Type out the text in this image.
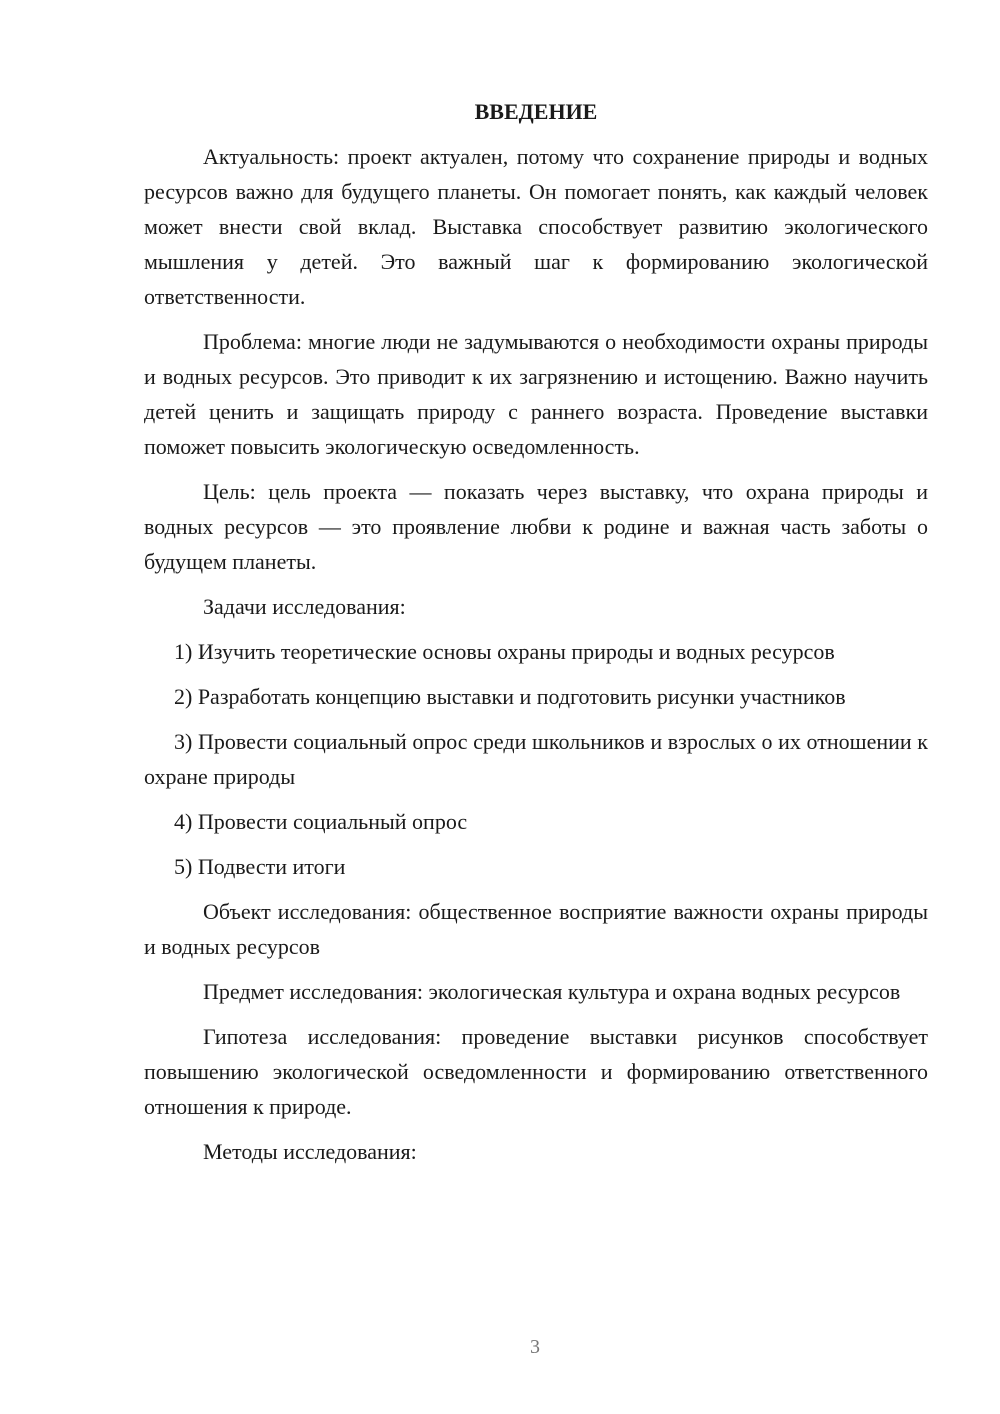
ВВЕДЕНИЕ

Актуальность: проект актуален, потому что сохранение природы и водных ресурсов важно для будущего планеты. Он помогает понять, как каждый человек может внести свой вклад. Выставка способствует развитию экологического мышления у детей. Это важный шаг к формированию экологической ответственности.

Проблема: многие люди не задумываются о необходимости охраны природы и водных ресурсов. Это приводит к их загрязнению и истощению. Важно научить детей ценить и защищать природу с раннего возраста. Проведение выставки поможет повысить экологическую осведомленность.

Цель: цель проекта — показать через выставку, что охрана природы и водных ресурсов — это проявление любви к родине и важная часть заботы о будущем планеты.

Задачи исследования:

1) Изучить теоретические основы охраны природы и водных ресурсов

2) Разработать концепцию выставки и подготовить рисунки участников

3) Провести социальный опрос среди школьников и взрослых о их отношении к охране природы

4) Провести социальный опрос

5) Подвести итоги

Объект исследования: общественное восприятие важности охраны природы и водных ресурсов

Предмет исследования: экологическая культура и охрана водных ресурсов

Гипотеза исследования: проведение выставки рисунков способствует повышению экологической осведомленности и формированию ответственного отношения к природе.

Методы исследования:

3
